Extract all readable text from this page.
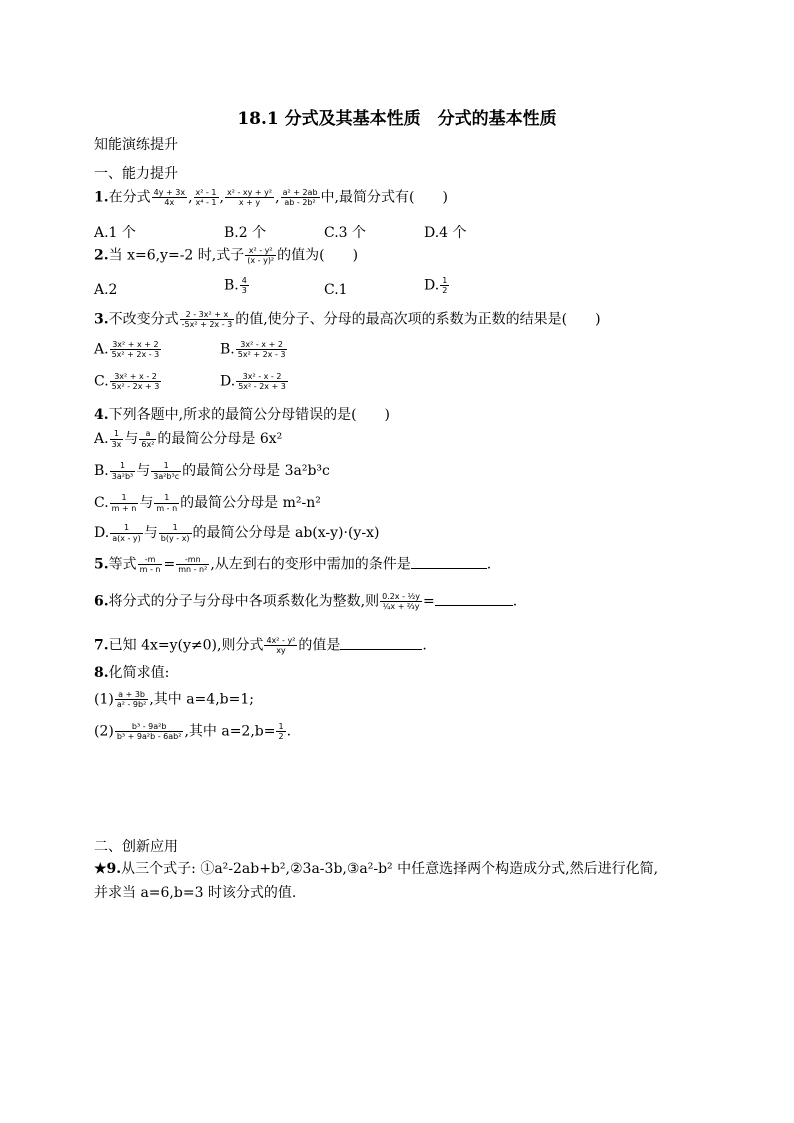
18.1 分式及其基本性质　分式的基本性质
知能演练提升
一、能力提升
1.在分式 $\frac{4y + 3x}{4x}$ , $\frac{\text{x² - 1}}{\text{x⁴ - 1}}$ , $\frac{\text{x² - xy + y²}}{x + y}$ , $\frac{\text{a² + 2ab}}{\text{ab - 2b²}}$ 中,最简分式有(　　)
A.1 个	B.2 个	C.3 个	D.4 个
2.当 x=6,y=-2 时,式子 $\frac{\text{x² - y²}}{\text{(x - y)²}}$ 的值为(　　)
A.2	B. $\frac{4}{3}$	C.1	D. $\frac{1}{2}$
3.不改变分式 $\frac{\text{2 - 3x² + x}}{\text{-5x² + 2x - 3}}$ 的值,使分子、分母的最高次项的系数为正数的结果是(　　)
A. $\frac{\text{3x² + x + 2}}{\text{5x² + 2x - 3}}$	B. $\frac{\text{3x² - x + 2}}{\text{5x² + 2x - 3}}$
C. $\frac{\text{3x² + x - 2}}{\text{5x² - 2x + 3}}$	D. $\frac{\text{3x² - x - 2}}{\text{5x² - 2x + 3}}$
4.下列各题中,所求的最简公分母错误的是(　　)
A. $\frac{1}{3x}$ 与 $\frac{a}{\text{6x²}}$ 的最简公分母是 6x²
B. $\frac{1}{\text{3a²b³}}$ 与 $\frac{1}{\text{3a²b³c}}$ 的最简公分母是 3a²b³c
C. $\frac{1}{m + n}$ 与 $\frac{1}{m - n}$ 的最简公分母是 m²-n²
D. $\frac{1}{a(x - y)}$ 与 $\frac{1}{b(y - x)}$ 的最简公分母是 ab(x-y)·(y-x)
5.等式 $\frac{-m}{m - n} = \frac{-mn}{\text{mn - n²}}$ ,从左到右的变形中需加的条件是	.
6.将分式的分子与分母中各项系数化为整数,则 $\frac{\text{0.2x - ½y}}{\text{¼x + ⅔y}}$ =	.
7.已知 4x=y(y≠0),则分式 $\frac{\text{4x² - y²}}{xy}$ 的值是	.
8.化简求值:
$(1) \frac{a + 3b}{\text{a² - 9b²}}$ ,其中 a=4,b=1;
$(2) \frac{\text{b³ - 9a²b}}{\text{b³ + 9a²b - 6ab²}}$ ,其中 $a=2,b= \frac{1}{2}$ .
二、创新应用
★9.从三个式子: ①a²-2ab+b²,②3a-3b,③a²-b² 中任意选择两个构造成分式,然后进行化简,
并求当 a=6,b=3 时该分式的值.
